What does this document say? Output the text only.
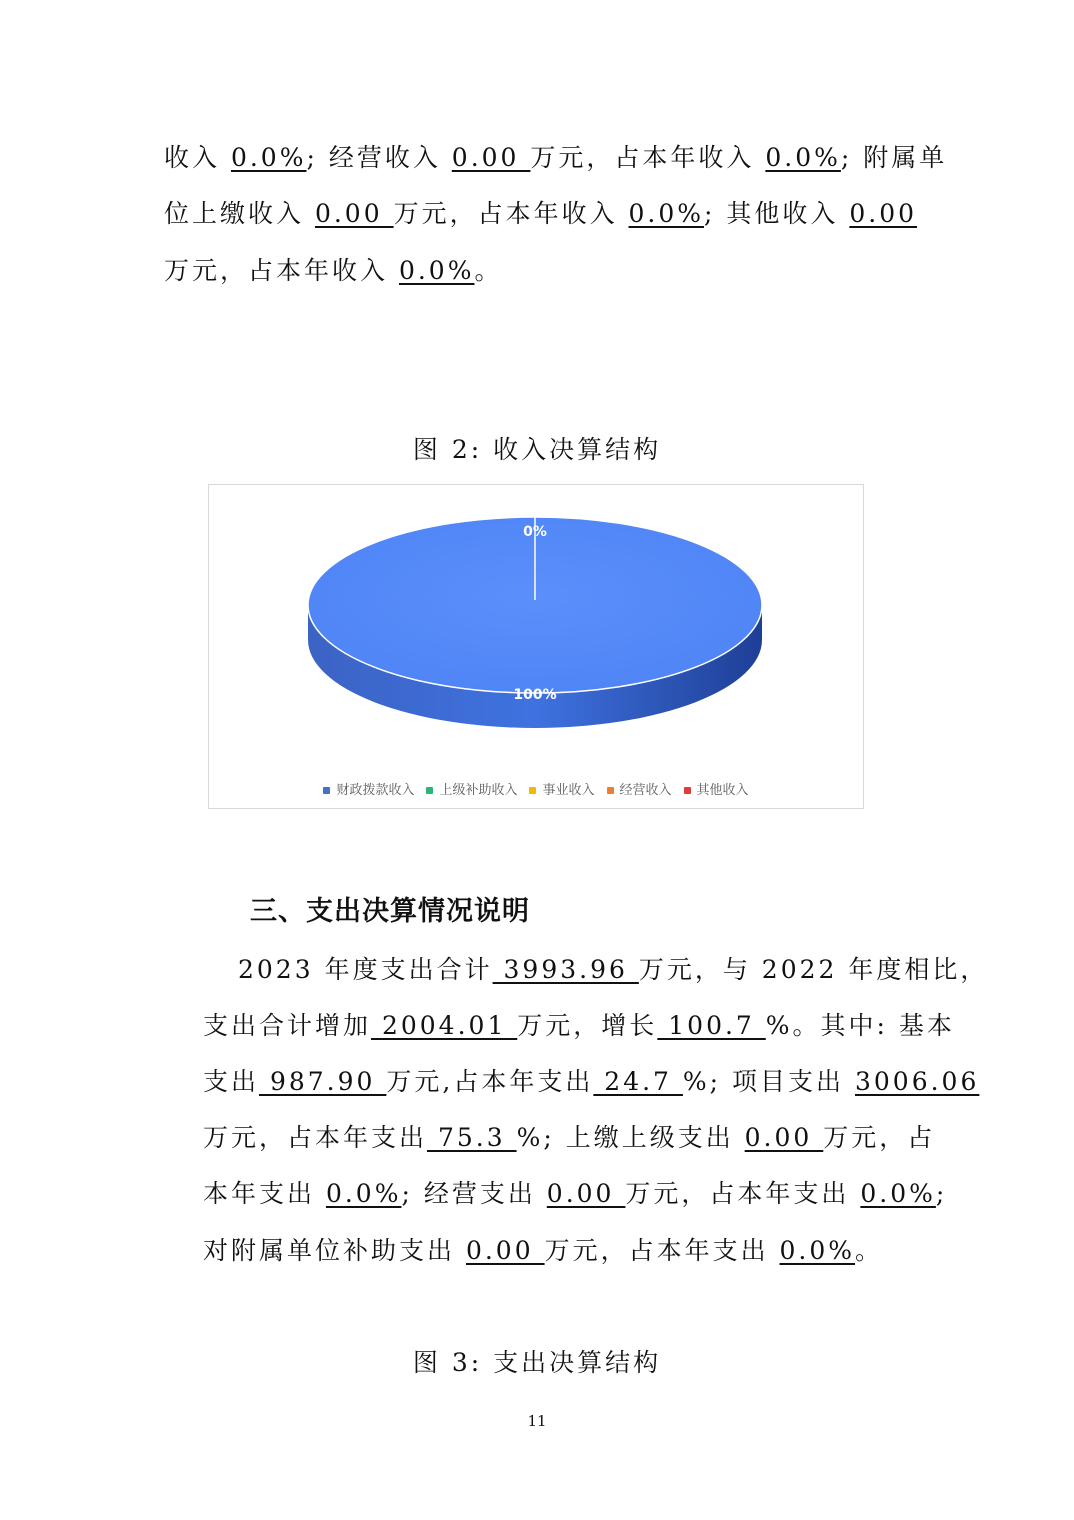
收入 0.0%; 经营收入 0.00 万元，占本年收入 0.0%; 附属单
位上缴收入 0.00 万元，占本年收入 0.0%; 其他收入 0.00
万元，占本年收入 0.0%。
图 2: 收入决算结构
0%
100%
财政拨款收入 上级补助收入 事业收入 经营收入 其他收入
三、支出决算情况说明
2023 年度支出合计 3993.96 万元，与 2022 年度相比，
支出合计增加 2004.01 万元，增长 100.7 %。其中: 基本
支出 987.90 万元,占本年支出 24.7 %; 项目支出 3006.06
万元，占本年支出 75.3 %; 上缴上级支出 0.00 万元，占
本年支出 0.0%; 经营支出 0.00 万元，占本年支出 0.0%;
对附属单位补助支出 0.00 万元，占本年支出 0.0%。
图 3: 支出决算结构
11
